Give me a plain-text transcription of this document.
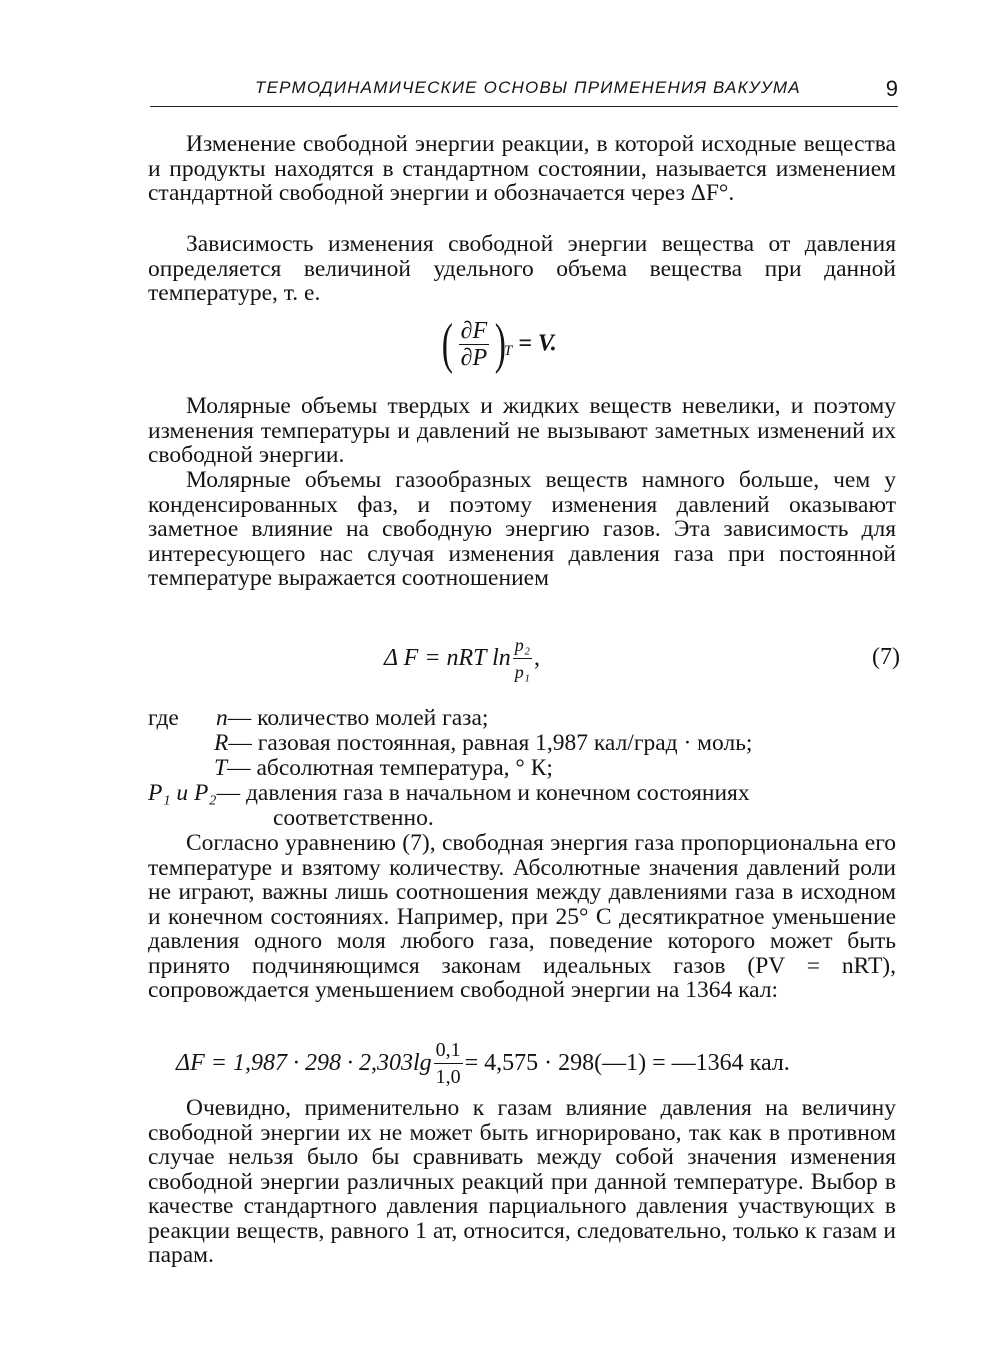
ТЕРМОДИНАМИЧЕСКИЕ ОСНОВЫ ПРИМЕНЕНИЯ ВАКУУМА	9

Изменение свободной энергии реакции, в которой исходные вещества и продукты находятся в стандартном состоянии, называется изменением стандартной свободной энергии и обозначается через ΔF°.

Зависимость изменения свободной энергии вещества от давления определяется величиной удельного объема вещества при данной температуре, т. е.

( $\frac{\partial F}{\partial P} )_T = V$.

Молярные объемы твердых и жидких веществ невелики, и поэтому изменения температуры и давлений не вызывают заметных изменений их свободной энергии.

Молярные объемы газообразных веществ намного больше, чем у конденсированных фаз, и поэтому изменения давлений оказывают заметное влияние на свободную энергию газов. Эта зависимость для интересующего нас случая изменения давления газа при постоянной температуре выражается соотношением

Δ F = nRT $\ln \frac{\text{p₂}}{\text{p₁}}$ ,	(7)
где n— количество молей газа;
R— газовая постоянная, равная 1,987 кал/град · моль;
T— абсолютная температура, ° К;
P₁ и P₂— давления газа в начальном и конечном состояниях
соответственно.

Согласно уравнению (7), свободная энергия газа пропорциональна его температуре и взятому количеству. Абсолютные значения давлений роли не играют, важны лишь соотношения между давлениями газа в исходном и конечном состояниях. Например, при 25° С десятикратное уменьшение давления одного моля любого газа, поведение которого может быть принято подчиняющимся законам идеальных газов (PV = nRT), сопровождается уменьшением свободной энергии на 1364 кал:

$\Delta F = 1,987 \cdot 298 \cdot 2,303\lg \frac{0,1}{1,0} = 4,575$ · 298(—1) = —1364 кал.

Очевидно, применительно к газам влияние давления на величину свободной энергии их не может быть игнорировано, так как в противном случае нельзя было бы сравнивать между собой значения изменения свободной энергии различных реакций при данной температуре. Выбор в качестве стандартного давления парциального давления участвующих в реакции веществ, равного 1 ат, относится, следовательно, только к газам и парам.
